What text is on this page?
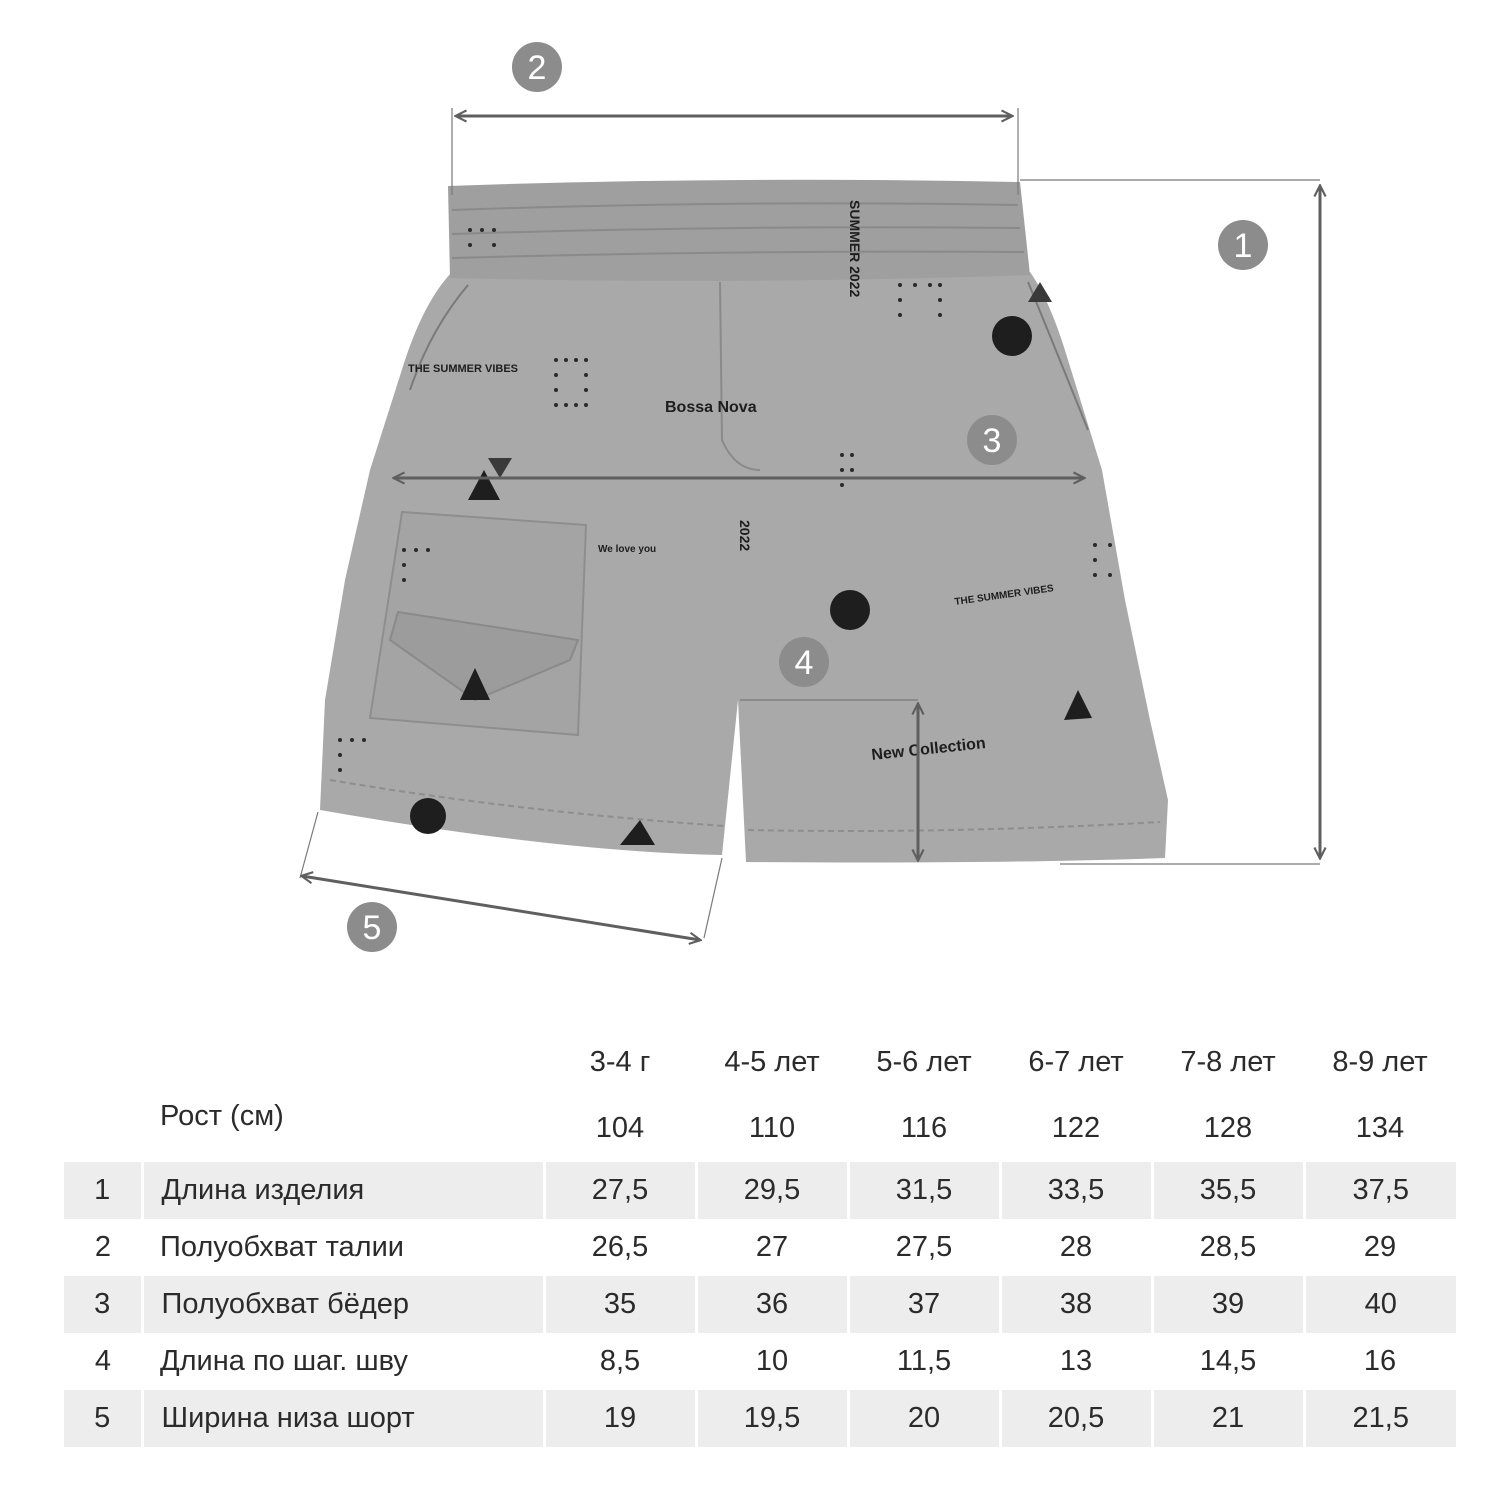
THE SUMMER VIBES
Bossa Nova
SUMMER 2022
New Collection
We love you	2022
THE SUMMER VIBES
2
1
3
4
5
		3-4 г	4-5 лет	5-6 лет	6-7 лет	7-8 лет	8-9 лет
	Рост (см)	104	110	116	122	128	134
1	Длина изделия	27,5	29,5	31,5	33,5	35,5	37,5
2	Полуобхват талии	26,5	27	27,5	28	28,5	29
3	Полуобхват бёдер	35	36	37	38	39	40
4	Длина по шаг. шву	8,5	10	11,5	13	14,5	16
5	Ширина низа шорт	19	19,5	20	20,5	21	21,5
